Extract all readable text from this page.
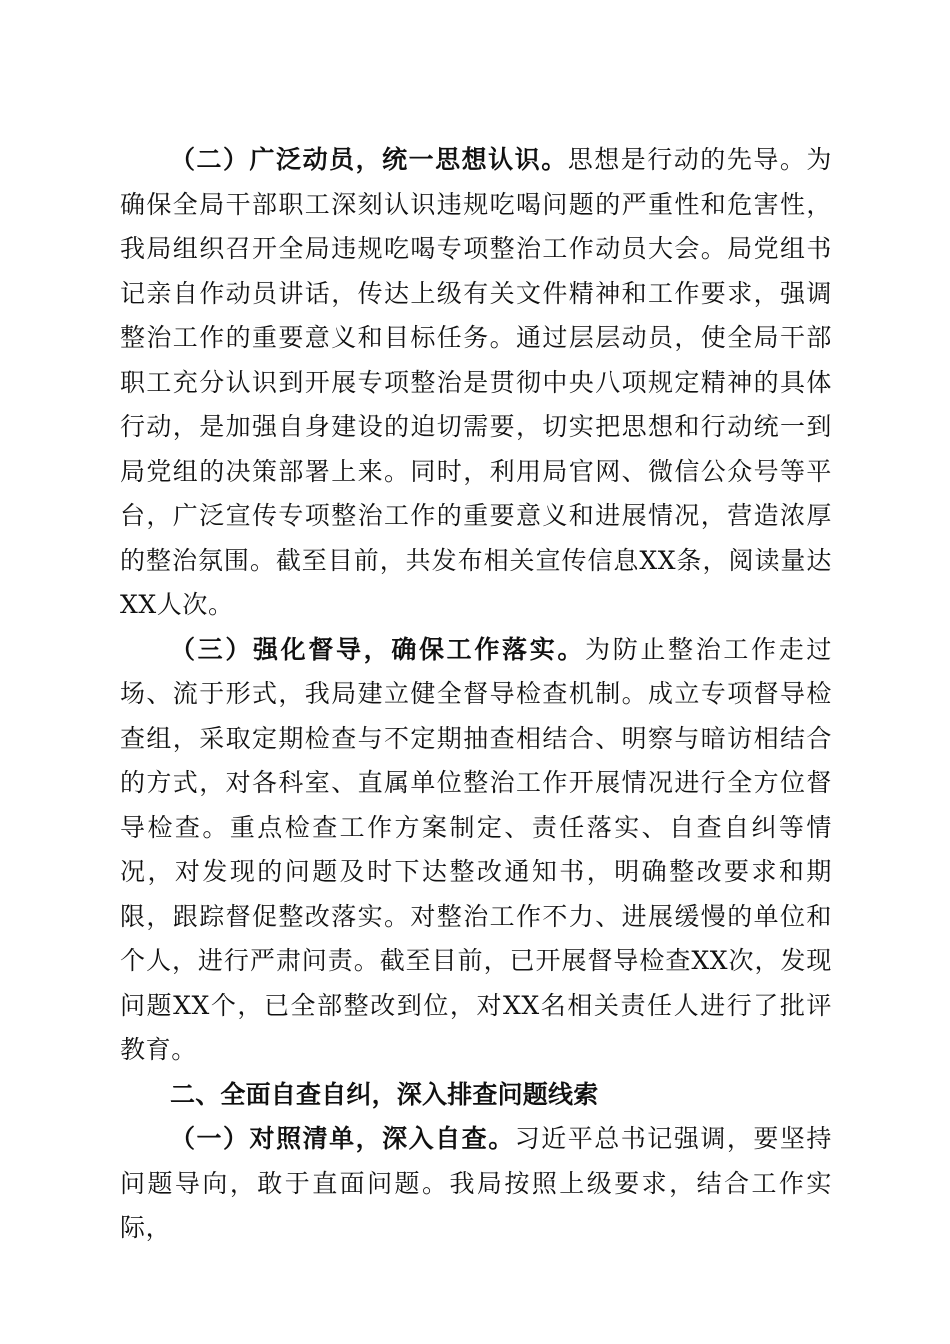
（二）广泛动员，统一思想认识。思想是行动的先导。为确保全局干部职工深刻认识违规吃喝问题的严重性和危害性，我局组织召开全局违规吃喝专项整治工作动员大会。局党组书记亲自作动员讲话，传达上级有关文件精神和工作要求，强调整治工作的重要意义和目标任务。通过层层动员，使全局干部职工充分认识到开展专项整治是贯彻中央八项规定精神的具体行动，是加强自身建设的迫切需要，切实把思想和行动统一到局党组的决策部署上来。同时，利用局官网、微信公众号等平台，广泛宣传专项整治工作的重要意义和进展情况，营造浓厚的整治氛围。截至目前，共发布相关宣传信息XX条，阅读量达XX人次。

（三）强化督导，确保工作落实。为防止整治工作走过场、流于形式，我局建立健全督导检查机制。成立专项督导检查组，采取定期检查与不定期抽查相结合、明察与暗访相结合的方式，对各科室、直属单位整治工作开展情况进行全方位督导检查。重点检查工作方案制定、责任落实、自查自纠等情况，对发现的问题及时下达整改通知书，明确整改要求和期限，跟踪督促整改落实。对整治工作不力、进展缓慢的单位和个人，进行严肃问责。截至目前，已开展督导检查XX次，发现问题XX个，已全部整改到位，对XX名相关责任人进行了批评教育。

二、全面自查自纠，深入排查问题线索

（一）对照清单，深入自查。习近平总书记强调，要坚持问题导向，敢于直面问题。我局按照上级要求，结合工作实际，
